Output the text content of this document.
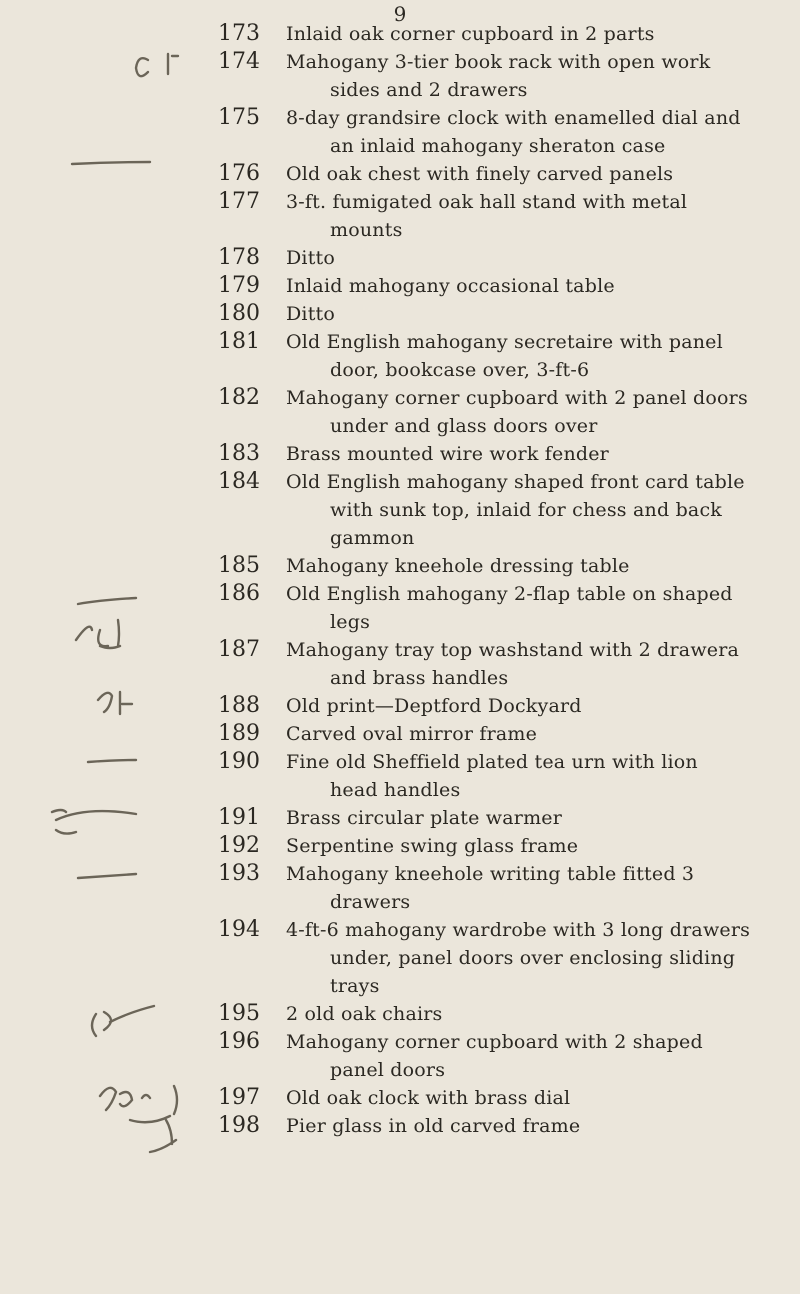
9
173
174
175
176
177
178
179
180
181
182
183
184
185
186
187
188
189
190
191
192
193
194
195
196
197
198
Inlaid oak corner cupboard in 2 parts
Mahogany 3-tier book rack with open work
sides and 2 drawers
8-day grandsire clock with enamelled dial and
an inlaid mahogany sheraton case
Old oak chest with finely carved panels
3-ft. fumigated oak hall stand with metal
mounts
Ditto
Inlaid mahogany occasional table
Ditto
Old English mahogany secretaire with panel
door, bookcase over, 3-ft-6
Mahogany corner cupboard with 2 panel doors
under and glass doors over
Brass mounted wire work fender
Old English mahogany shaped front card table
with sunk top, inlaid for chess and back
gammon
Mahogany kneehole dressing table
Old English mahogany 2-flap table on shaped
legs
Mahogany tray top washstand with 2 drawera
and brass handles
Old print—Deptford Dockyard
Carved oval mirror frame
Fine old Sheffield plated tea urn with lion
head handles
Brass circular plate warmer
Serpentine swing glass frame
Mahogany kneehole writing table fitted 3
drawers
4-ft-6 mahogany wardrobe with 3 long drawers
under, panel doors over enclosing sliding
trays
2 old oak chairs
Mahogany corner cupboard with 2 shaped
panel doors
Old oak clock with brass dial
Pier glass in old carved frame
